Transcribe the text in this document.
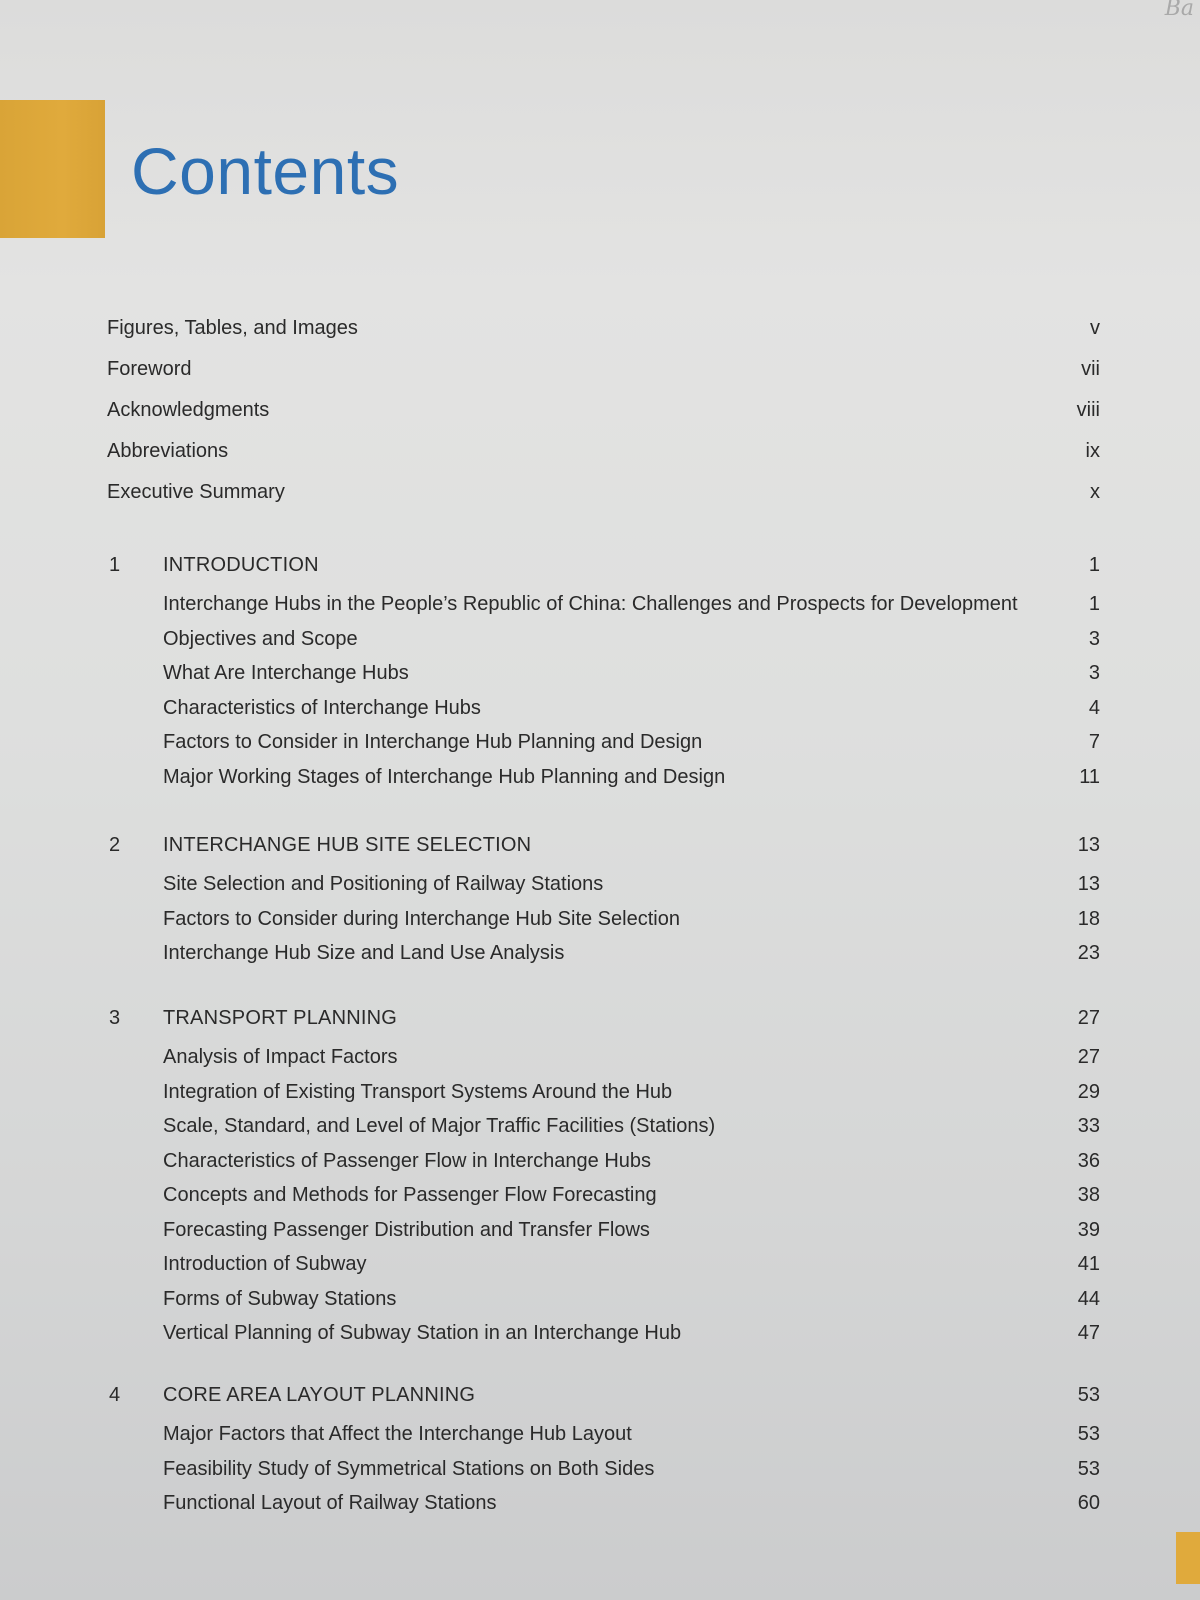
Ba
Contents
Figures, Tables, and Images	v
Foreword	vii
Acknowledgments	viii
Abbreviations	ix
Executive Summary	x
1 INTRODUCTION	1
Interchange Hubs in the People’s Republic of China: Challenges and Prospects for Development	1
Objectives and Scope	3
What Are Interchange Hubs	3
Characteristics of Interchange Hubs	4
Factors to Consider in Interchange Hub Planning and Design	7
Major Working Stages of Interchange Hub Planning and Design	11
2 INTERCHANGE HUB SITE SELECTION	13
Site Selection and Positioning of Railway Stations	13
Factors to Consider during Interchange Hub Site Selection	18
Interchange Hub Size and Land Use Analysis	23
3 TRANSPORT PLANNING	27
Analysis of Impact Factors	27
Integration of Existing Transport Systems Around the Hub	29
Scale, Standard, and Level of Major Traffic Facilities (Stations)	33
Characteristics of Passenger Flow in Interchange Hubs	36
Concepts and Methods for Passenger Flow Forecasting	38
Forecasting Passenger Distribution and Transfer Flows	39
Introduction of Subway	41
Forms of Subway Stations	44
Vertical Planning of Subway Station in an Interchange Hub	47
4 CORE AREA LAYOUT PLANNING	53
Major Factors that Affect the Interchange Hub Layout	53
Feasibility Study of Symmetrical Stations on Both Sides	53
Functional Layout of Railway Stations	60
